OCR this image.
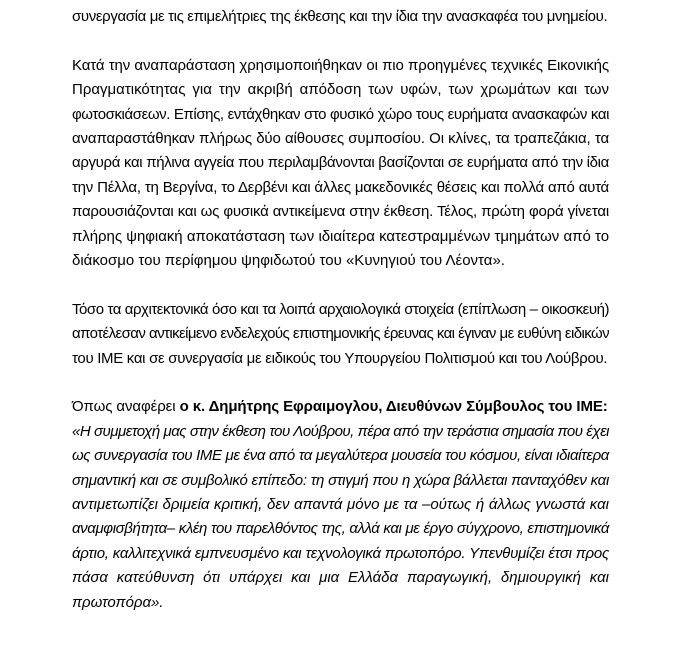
συνεργασία με τις επιμελήτριες της έκθεσης και την ίδια την ανασκαφέα του μνημείου.
Κατά την αναπαράσταση χρησιμοποιήθηκαν οι πιο προηγμένες τεχνικές Εικονικής
Πραγματικότητας για την ακριβή απόδοση των υφών, των χρωμάτων και των
φωτοσκιάσεων. Επίσης, εντάχθηκαν στο φυσικό χώρο τους ευρήματα ανασκαφών και
αναπαραστάθηκαν πλήρως δύο αίθουσες συμποσίου. Οι κλίνες, τα τραπεζάκια, τα
αργυρά και πήλινα αγγεία που περιλαμβάνονται βασίζονται σε ευρήματα από την ίδια
την Πέλλα, τη Βεργίνα, το Δερβένι και άλλες μακεδονικές θέσεις και πολλά από αυτά
παρουσιάζονται και ως φυσικά αντικείμενα στην έκθεση. Τέλος, πρώτη φορά γίνεται
πλήρης ψηφιακή αποκατάσταση των ιδιαίτερα κατεστραμμένων τμημάτων από το
διάκοσμο του περίφημου ψηφιδωτού του «Κυνηγιού του Λέοντα».
Τόσο τα αρχιτεκτονικά όσο και τα λοιπά αρχαιολογικά στοιχεία (επίπλωση – οικοσκευή)
αποτέλεσαν αντικείμενο ενδελεχούς επιστημονικής έρευνας και έγιναν με ευθύνη ειδικών
του ΙΜΕ και σε συνεργασία με ειδικούς του Υπουργείου Πολιτισμού και του Λούβρου.
Όπως αναφέρει ο κ. Δημήτρης Εφραιμογλου, Διευθύνων Σύμβουλος του ΙΜΕ:
«Η συμμετοχή μας στην έκθεση του Λούβρου, πέρα από την τεράστια σημασία που έχει
ως συνεργασία του ΙΜΕ με ένα από τα μεγαλύτερα μουσεία του κόσμου, είναι ιδιαίτερα
σημαντική και σε συμβολικό επίπεδο: τη στιγμή που η χώρα βάλλεται πανταχόθεν και
αντιμετωπίζει δριμεία κριτική, δεν απαντά μόνο με τα –ούτως ή άλλως γνωστά και
αναμφισβήτητα– κλέη του παρελθόντος της, αλλά και με έργο σύγχρονο, επιστημονικά
άρτιο, καλλιτεχνικά εμπνευσμένο και τεχνολογικά πρωτοπόρο. Υπενθυμίζει έτσι προς
πάσα κατεύθυνση ότι υπάρχει και μια Ελλάδα παραγωγική, δημιουργική και
πρωτοπόρα».
